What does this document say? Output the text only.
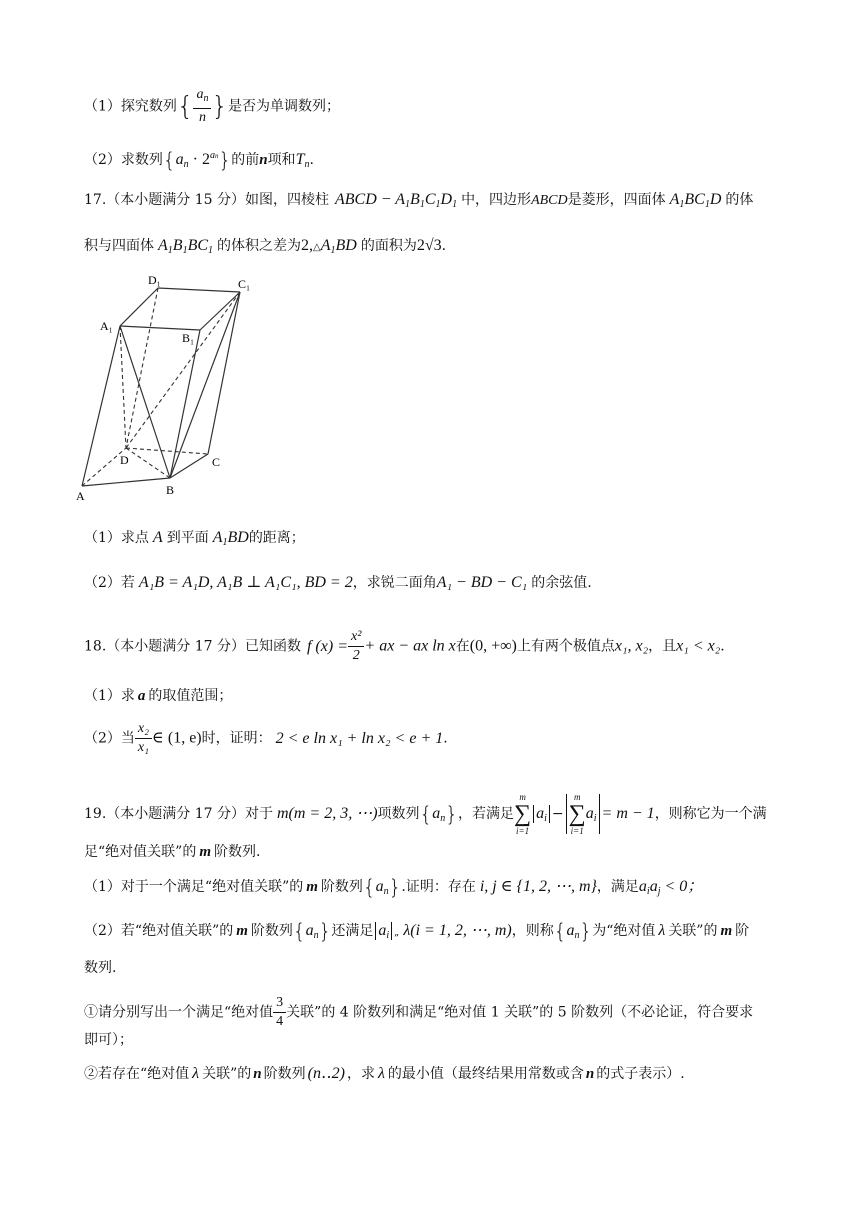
（1）探究数列{ $\frac{a_n}{n}$ }是否为单调数列；
（2）求数列$\{a_n \cdot 2^{an}\}$的前n项和$T_n$.
17.（本小题满分 15 分）如图，四棱柱 ABCD − $A_1B_1C_1D_1$ 中，四边形ABCD是菱形，四面体 $A_1BC_1D$ 的体
积与四面体 $A_1B_1BC_1$ 的体积之差为$2,\triangle A_1BD$ 的面积为2√3.
D₁	C₁
A₁
B₁
D	C
A	B
（1）求点 A 到平面 $A_1BD$的距离；
（2）若 A₁B = A₁D, A₁B ⊥ A₁C₁, BD = 2，求锐二面角A₁ − BD − C₁ 的余弦值.
18.（本小题满分 17 分）已知函数 f $(x) = \frac{\text{x²}}{2}$ + ax − ax ln x在(0, +∞)上有两个极值点x₁, x₂，且x₁ < x₂.
（1）求 a 的取值范围；
（2）当 $\frac{\text{x₂}}{\text{x₁}}$ ∈ (1, e)时，证明： 2 < e ln x₁ + ln x₂ < e + 1.
19.（本小题满分 17 分）对于 m(m = 2, 3, ⋯)项数列$\{a_n\}$，若满足m
∑
$i=1a_i -m$
∑
$i=1a_i = m - 1$，则称它为一个满
足“绝对值关联”的 m 阶数列.
（1）对于一个满足“绝对值关联”的 m 阶数列$\{a_n\}$.证明：存在 i, j ∈ {1, 2, ⋯, m}，满足$a_ia_j < 0$；
（2）若“绝对值关联”的 m 阶数列$\{a_n\}$还满足 $a_i$ „ λ(i = 1, 2, ⋯, m)，则称$\{a_n\}$为“绝对值 λ 关联”的 m 阶
数列.
①请分别写出一个满足“绝对值 $\frac{3}{4}$ 关联”的 4 阶数列和满足“绝对值 1 关联”的 5 阶数列（不必论证，符合要求
即可）；
②若存在“绝对值 λ 关联”的 n 阶数列 (n‥2) ，求 λ 的最小值（最终结果用常数或含 n 的式子表示）.
